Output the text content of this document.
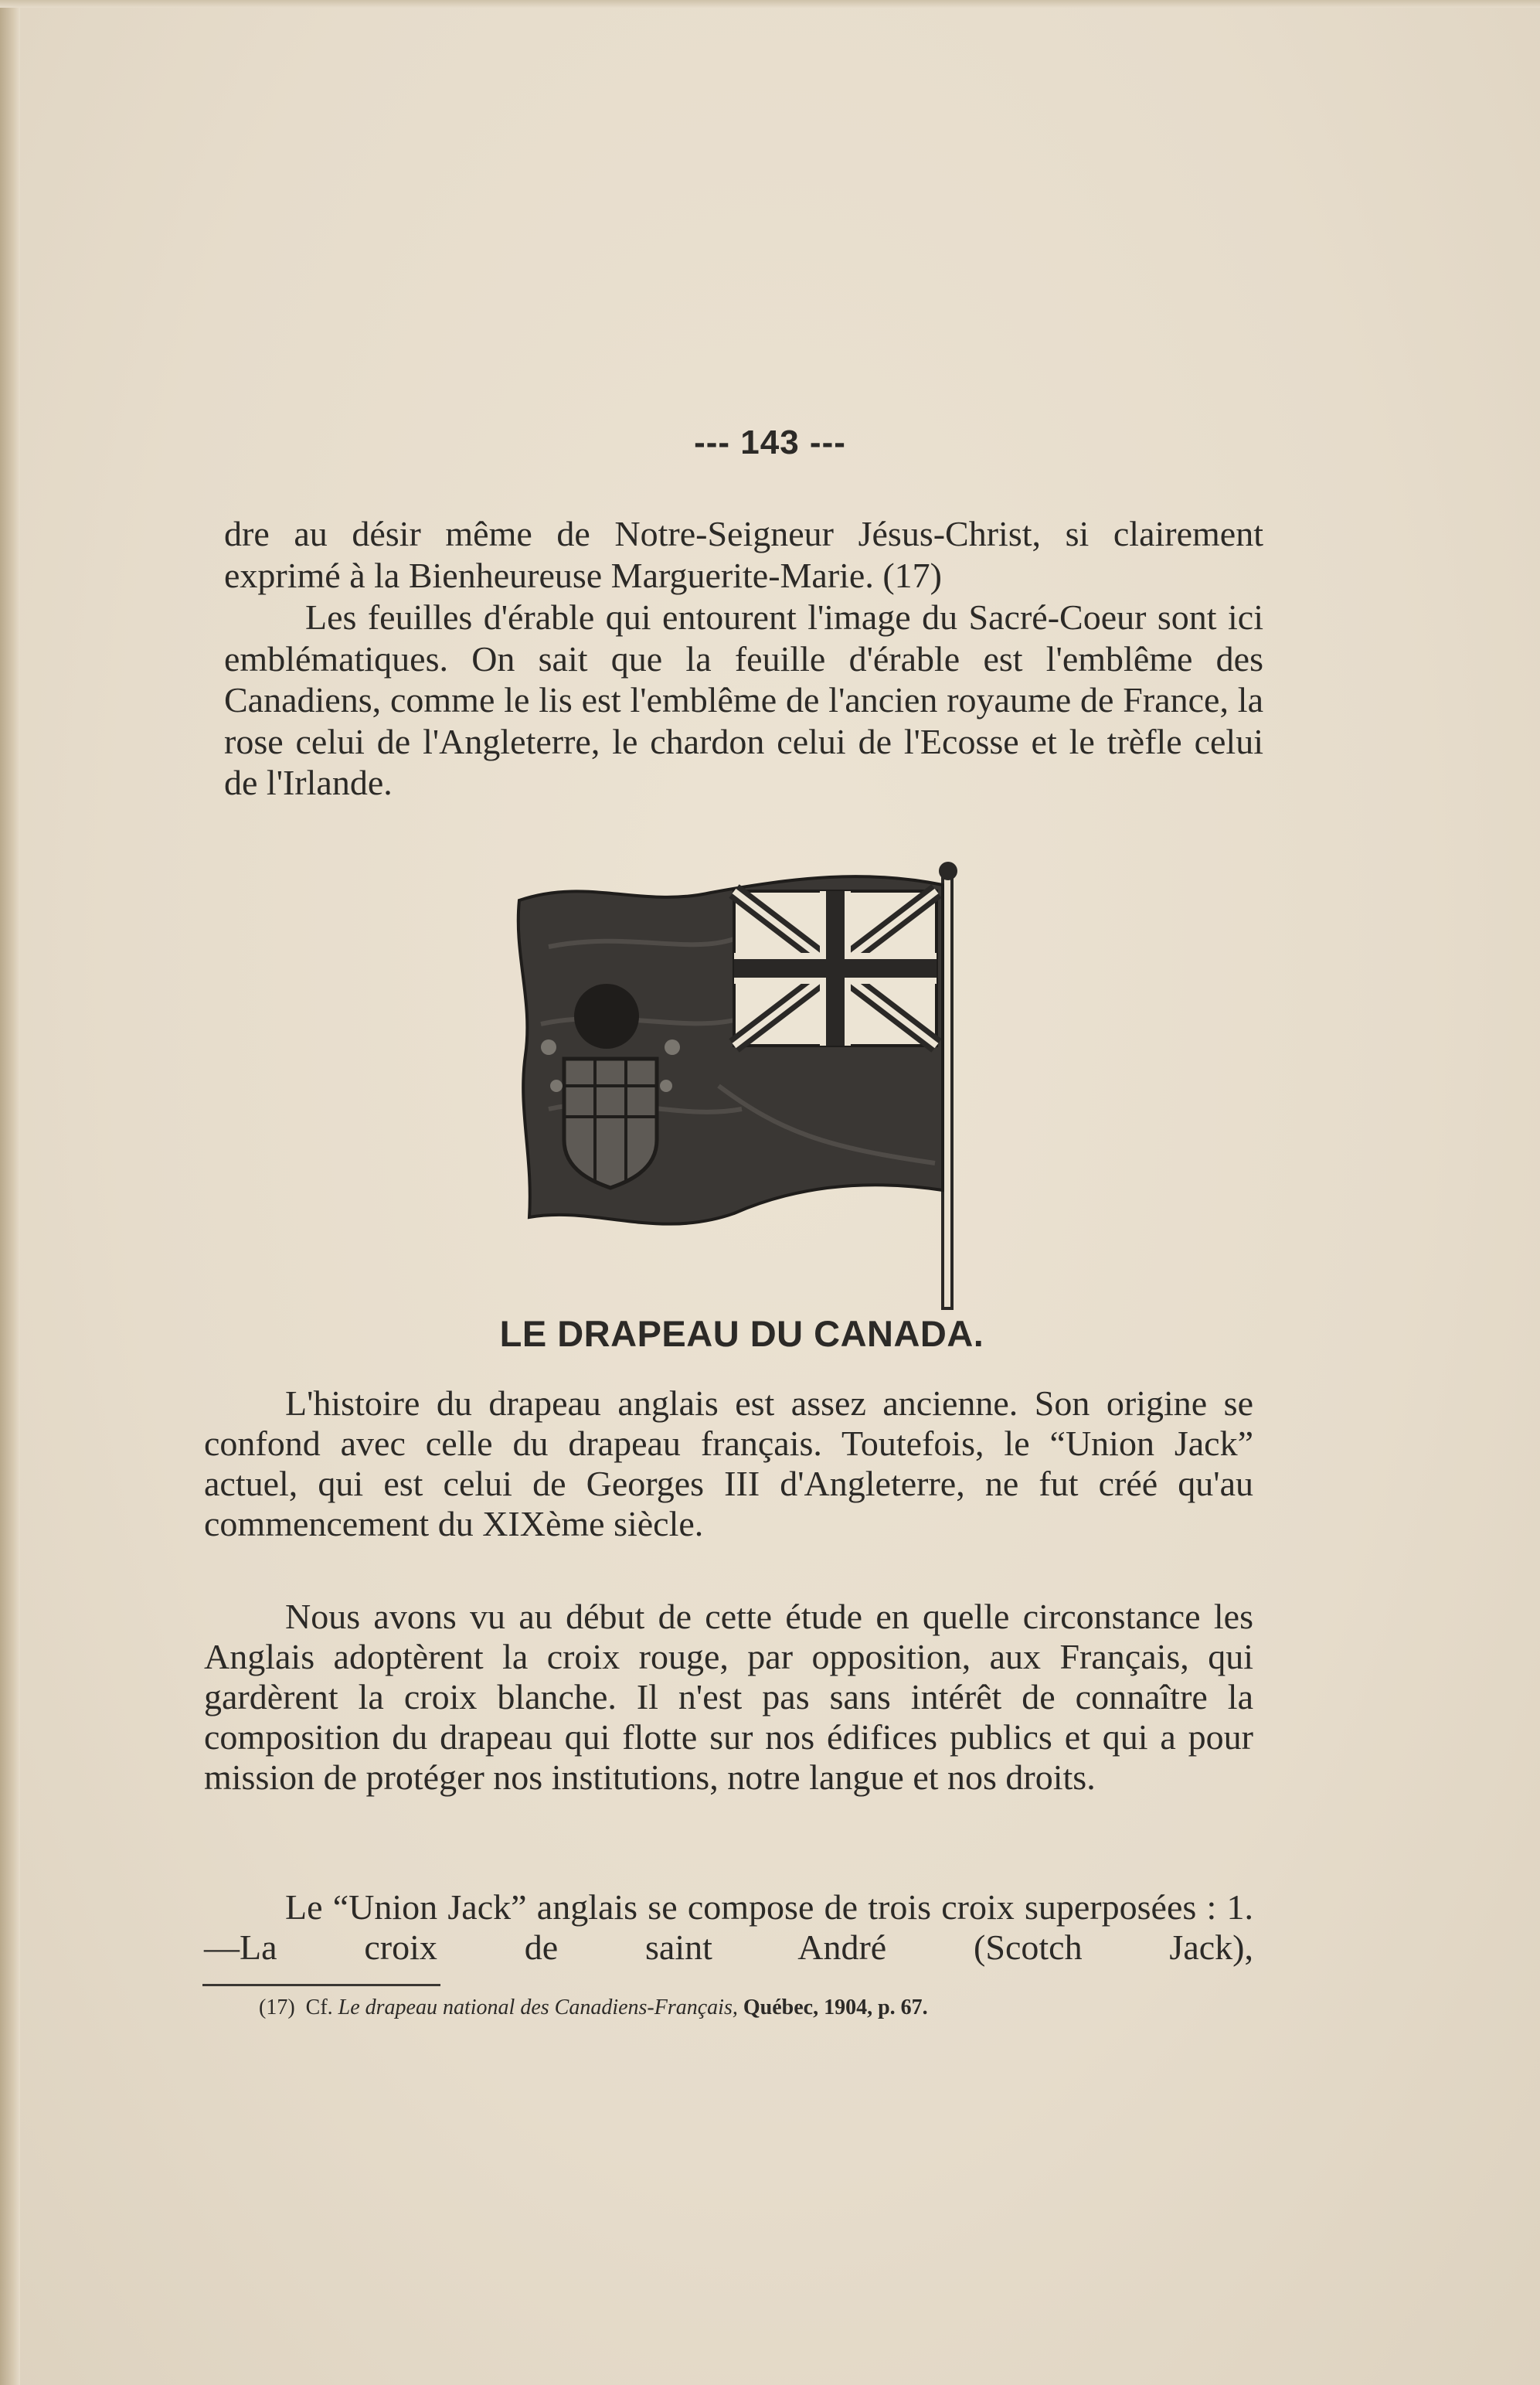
--- 143 ---

dre au désir même de Notre-Seigneur Jésus-Christ, si clairement exprimé à la Bienheureuse Marguerite-Marie. (17)

Les feuilles d'érable qui entourent l'image du Sacré-Coeur sont ici emblématiques. On sait que la feuille d'érable est l'emblême des Canadiens, comme le lis est l'emblême de l'ancien royaume de France, la rose celui de l'Angleterre, le chardon celui de l'Ecosse et le trèfle celui de l'Irlande.

LE DRAPEAU DU CANADA.

L'histoire du drapeau anglais est assez ancienne. Son origine se confond avec celle du drapeau français. Toutefois, le “Union Jack” actuel, qui est celui de Georges III d'Angleterre, ne fut créé qu'au commencement du XIXème siècle.

Nous avons vu au début de cette étude en quelle circonstance les Anglais adoptèrent la croix rouge, par opposition, aux Français, qui gardèrent la croix blanche. Il n'est pas sans intérêt de connaître la composition du drapeau qui flotte sur nos édifices publics et qui a pour mission de protéger nos institutions, notre langue et nos droits.

Le “Union Jack” anglais se compose de trois croix superposées : 1.—La croix de saint André (Scotch Jack),

(17) Cf. Le drapeau national des Canadiens-Français, Québec, 1904, p. 67.
